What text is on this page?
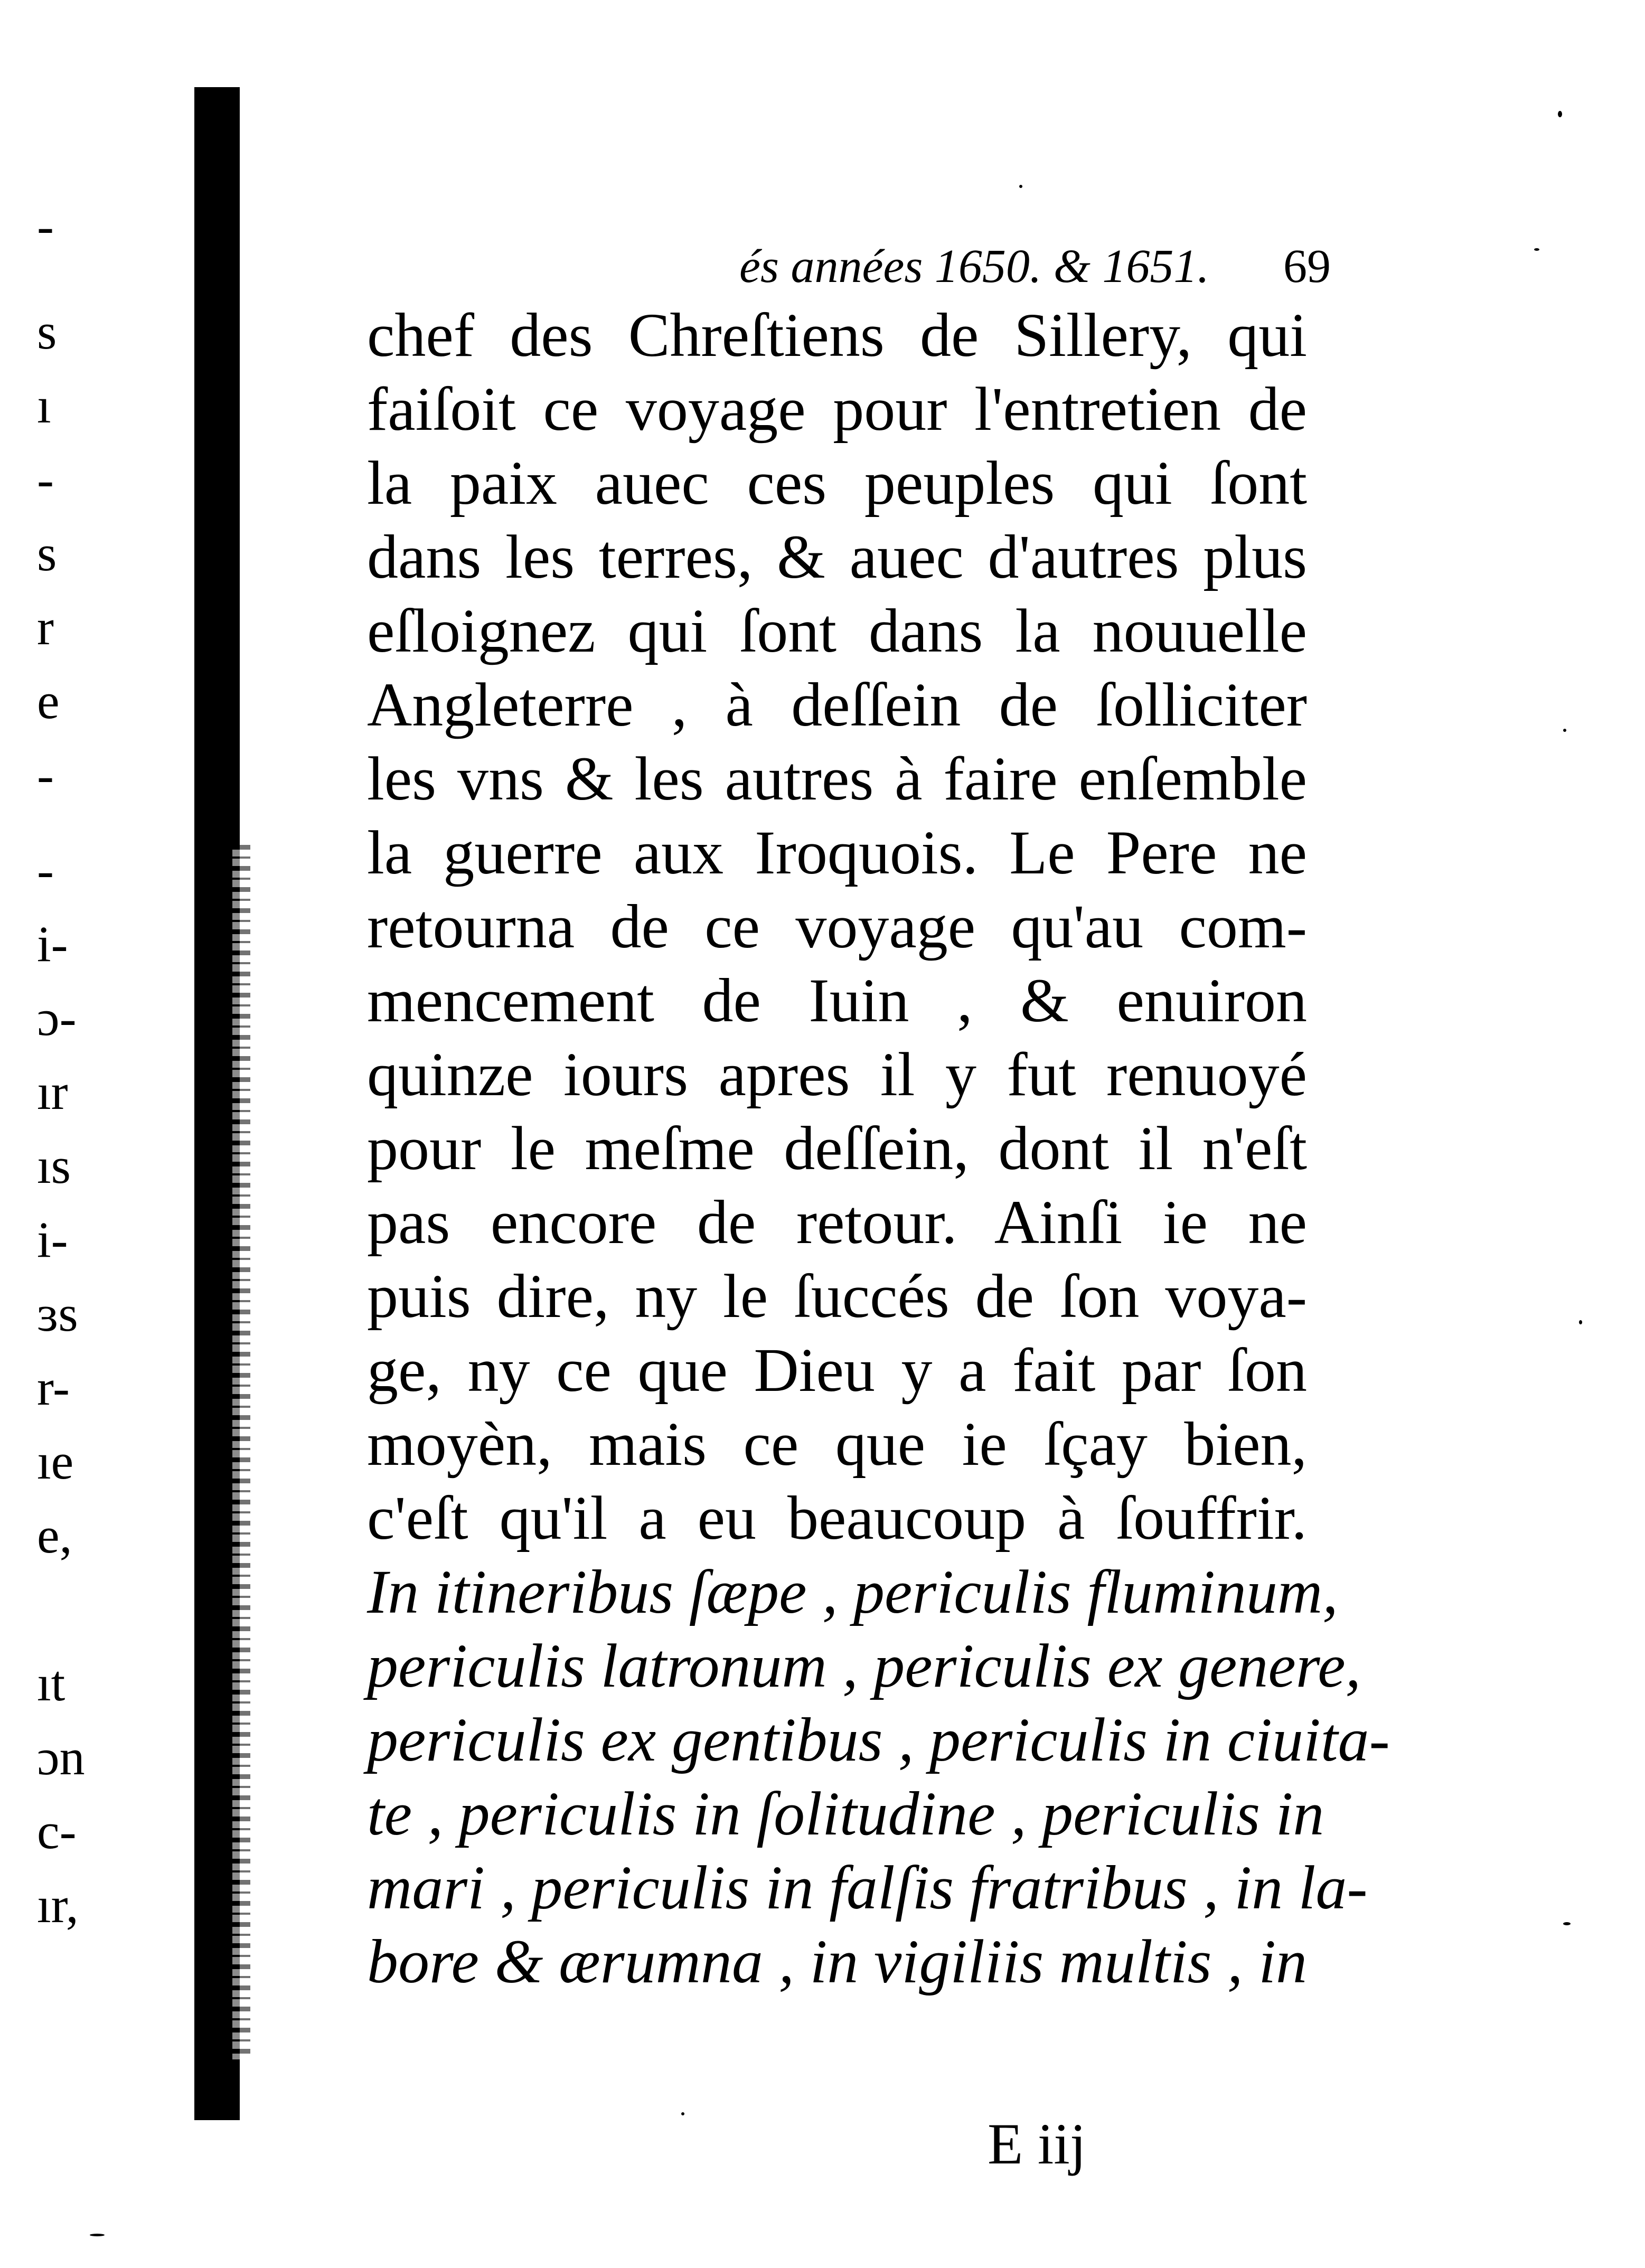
-
s
ı
-
s
r
e
-
-
i-
ɔ-
ır
ıs
i-
ɜs
r-
ıe
e,
ıt
ɔn
c-
ır,
és années 1650. & 1651. 69
chef des Chreſtiens de Sillery, qui
faiſoit ce voyage pour l'entretien de
la paix auec ces peuples qui ſont
dans les terres, & auec d'autres plus
eſloignez qui ſont dans la nouuelle
Angleterre , à deſſein de ſolliciter
les vns & les autres à faire enſemble
la guerre aux Iroquois. Le Pere ne
retourna de ce voyage qu'au com-
mencement de Iuin , & enuiron
quinze iours apres il y fut renuoyé
pour le meſme deſſein, dont il n'eſt
pas encore de retour. Ainſi ie ne
puis dire, ny le ſuccés de ſon voya-
ge, ny ce que Dieu y a fait par ſon
moyèn, mais ce que ie ſçay bien,
c'eſt qu'il a eu beaucoup à ſouffrir.
In itineribus ſæpe , periculis fluminum,
periculis latronum , periculis ex genere,
periculis ex gentibus , periculis in ciuita-
te , periculis in ſolitudine , periculis in
mari , periculis in falſis fratribus , in la-
bore & ærumna , in vigiliis multis , in
E iij
